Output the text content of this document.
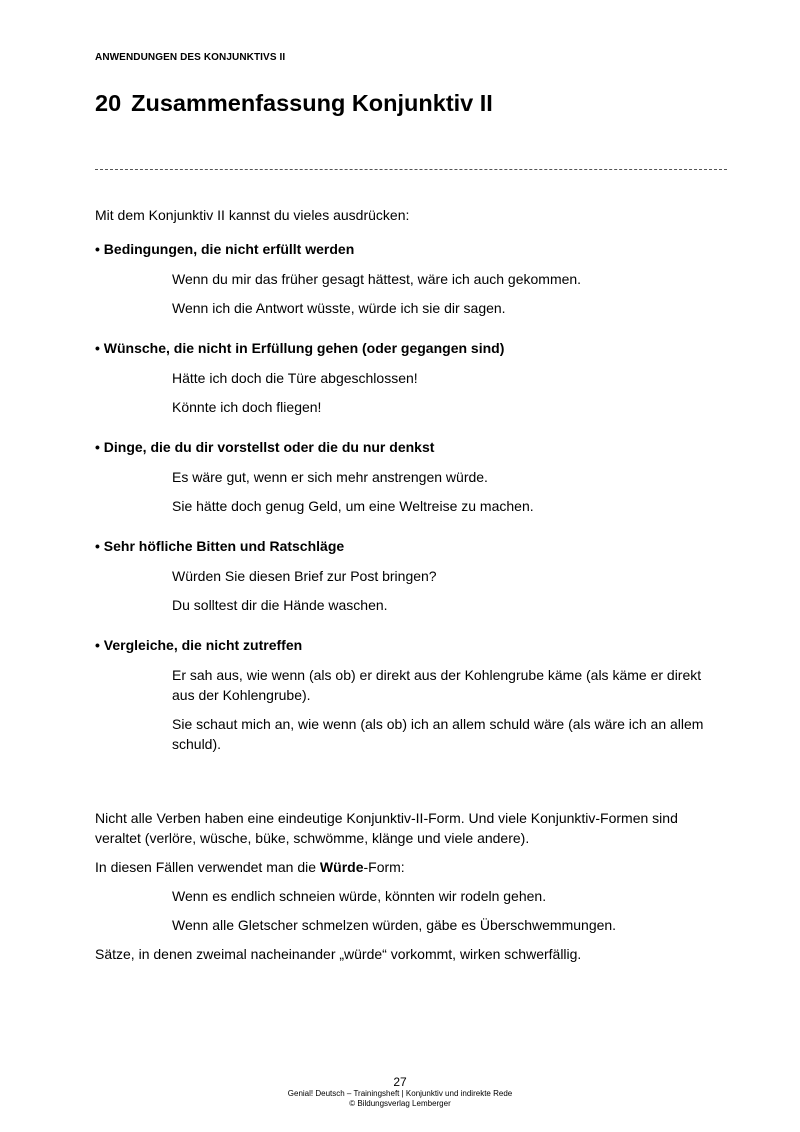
ANWENDUNGEN DES KONJUNKTIVS II
20 Zusammenfassung Konjunktiv II

Mit dem Konjunktiv II kannst du vieles ausdrücken:

• Bedingungen, die nicht erfüllt werden

Wenn du mir das früher gesagt hättest, wäre ich auch gekommen.

Wenn ich die Antwort wüsste, würde ich sie dir sagen.

• Wünsche, die nicht in Erfüllung gehen (oder gegangen sind)

Hätte ich doch die Türe abgeschlossen!

Könnte ich doch fliegen!

• Dinge, die du dir vorstellst oder die du nur denkst

Es wäre gut, wenn er sich mehr anstrengen würde.

Sie hätte doch genug Geld, um eine Weltreise zu machen.

• Sehr höfliche Bitten und Ratschläge

Würden Sie diesen Brief zur Post bringen?

Du solltest dir die Hände waschen.

• Vergleiche, die nicht zutreffen

Er sah aus, wie wenn (als ob) er direkt aus der Kohlengrube käme (als käme er direkt aus der Kohlengrube).

Sie schaut mich an, wie wenn (als ob) ich an allem schuld wäre (als wäre ich an allem schuld).

Nicht alle Verben haben eine eindeutige Konjunktiv-II-Form. Und viele Konjunktiv-Formen sind veraltet (verlöre, wüsche, büke, schwömme, klänge und viele andere).

In diesen Fällen verwendet man die Würde-Form:

Wenn es endlich schneien würde, könnten wir rodeln gehen.

Wenn alle Gletscher schmelzen würden, gäbe es Überschwemmungen.

Sätze, in denen zweimal nacheinander „würde“ vorkommt, wirken schwerfällig.

27
Genial! Deutsch – Trainingsheft | Konjunktiv und indirekte Rede
© Bildungsverlag Lemberger
